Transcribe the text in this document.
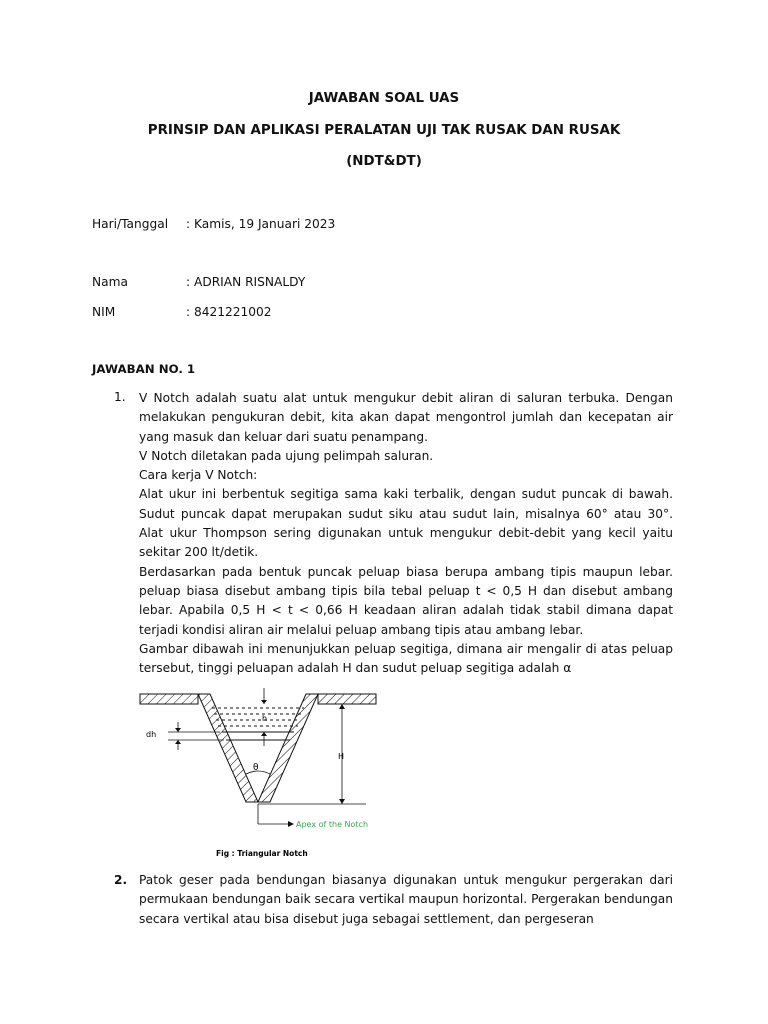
JAWABAN SOAL UAS
PRINSIP DAN APLIKASI PERALATAN UJI TAK RUSAK DAN RUSAK
(NDT&DT)
Hari/Tanggal : Kamis, 19 Januari 2023
Nama	: ADRIAN RISNALDY
NIM	: 8421221002
JAWABAN NO. 1
1. V Notch adalah suatu alat untuk mengukur debit aliran di saluran terbuka. Dengan melakukan pengukuran debit, kita akan dapat mengontrol jumlah dan kecepatan air yang masuk dan keluar dari suatu penampang.

V Notch diletakan pada ujung pelimpah saluran.

Cara kerja V Notch:

Alat ukur ini berbentuk segitiga sama kaki terbalik, dengan sudut puncak di bawah. Sudut puncak dapat merupakan sudut siku atau sudut lain, misalnya 60° atau 30°. Alat ukur Thompson sering digunakan untuk mengukur debit-debit yang kecil yaitu sekitar 200 lt/detik.

Berdasarkan pada bentuk puncak peluap biasa berupa ambang tipis maupun lebar. peluap biasa disebut ambang tipis bila tebal peluap t < 0,5 H dan disebut ambang lebar. Apabila 0,5 H < t < 0,66 H keadaan aliran adalah tidak stabil dimana dapat terjadi kondisi aliran air melalui peluap ambang tipis atau ambang lebar.

Gambar dibawah ini menunjukkan peluap segitiga, dimana air mengalir di atas peluap tersebut, tinggi peluapan adalah H dan sudut peluap segitiga adalah α

dh
h
H
θ
Apex of the Notch
Fig : Triangular Notch
2. Patok geser pada bendungan biasanya digunakan untuk mengukur pergerakan dari permukaan bendungan baik secara vertikal maupun horizontal. Pergerakan bendungan secara vertikal atau bisa disebut juga sebagai settlement, dan pergeseran
